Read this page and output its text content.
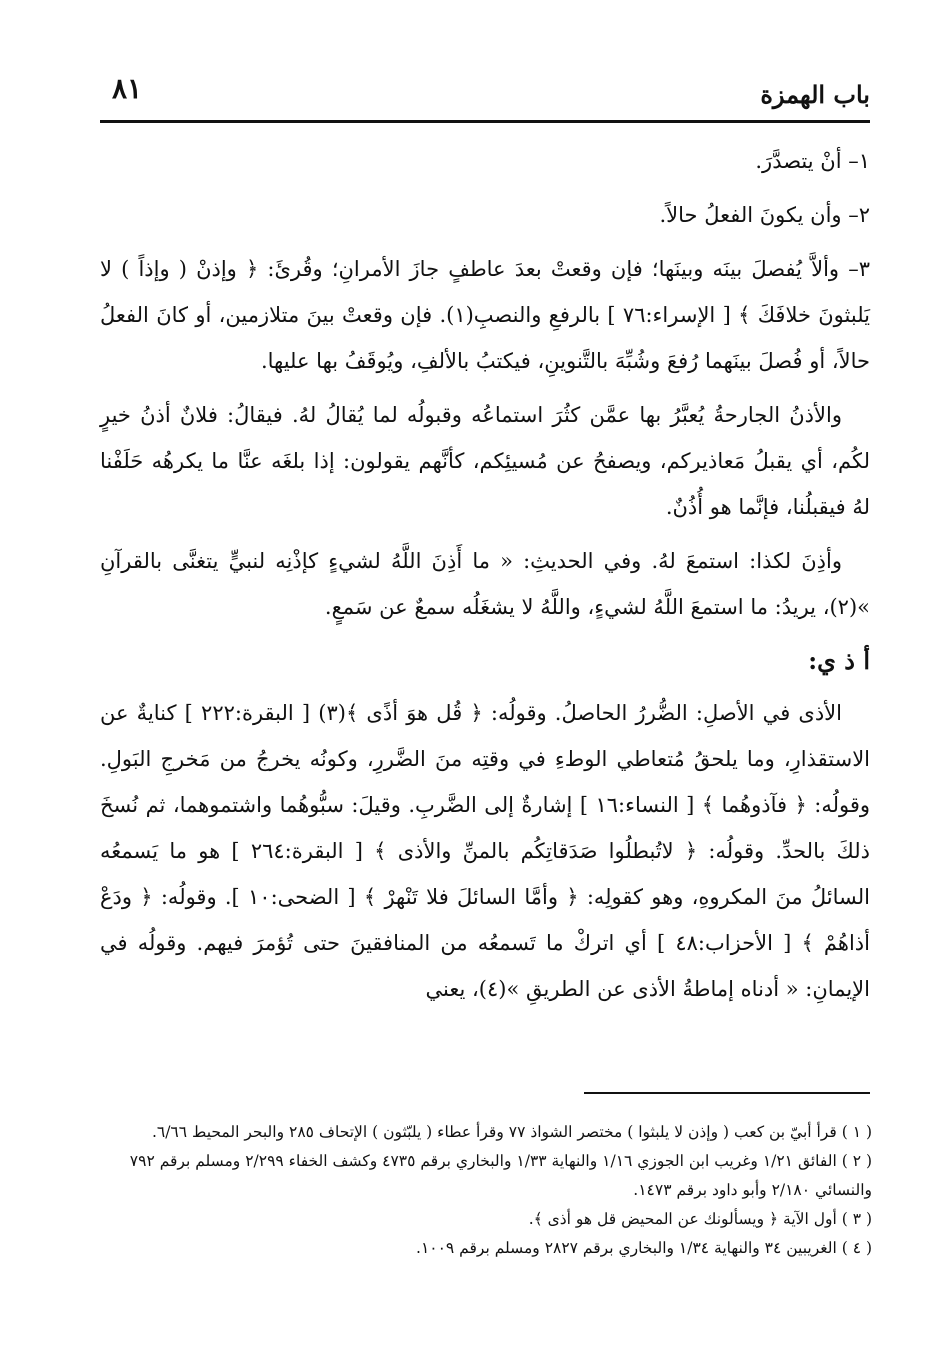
باب الهمزة
٨١
١– أنْ يتصدَّرَ.
٢– وأن يكونَ الفعلُ حالاً.
٣– وألاَّ يُفصلَ بينَه وبينَها؛ فإن وقعتْ بعدَ عاطفٍ جازَ الأمرانِ؛ وقُرئَ: ﴿ وإذنْ ( وإذاً ) لا يَلبثونَ خلافَكَ ﴾ [ الإسراء:٧٦ ] بالرفعِ والنصبِ(١). فإن وقعتْ بينَ متلازمين، أو كانَ الفعلُ حالاً، أو فُصلَ بينَهما رُفعَ وشُبِّهَ بالتَّنوينِ، فيكتبُ بالألفِ، ويُوقَفُ بها عليها.

والأذنُ الجارحةُ يُعبَّرُ بها عمَّن كثُرَ استماعُه وقبولُه لما يُقالُ لهُ. فيقالُ: فلانٌ أذنُ خيرٍ لكُم، أي يقبلُ مَعاذيركم، ويصفحُ عن مُسيئِكم، كأنَّهم يقولون: إذا بلغَه عنَّا ما يكرهُه حَلَفْنا لهُ فيقبلُنا، فإنَّما هو أُذُنٌ.

وأذِنَ لكذا: استمعَ لهُ. وفي الحديثِ: « ما أَذِنَ اللَّهُ لشيءٍ كإذْنِه لنبيٍّ يتغنَّى بالقرآنِ »(٢)، يريدُ: ما استمعَ اللَّهُ لشيءٍ، واللَّهُ لا يشغَلُه سمعٌ عن سَمعٍ.

أ ذ ي:

الأذى في الأصلِ: الضُّررُ الحاصلُ. وقولُه: ﴿ قُل هوَ أذًى ﴾(٣) [ البقرة:٢٢٢ ] كنايةٌ عن الاستقذارِ، وما يلحقُ مُتعاطي الوطءِ في وقتِه منَ الضَّررِ، وكونُه يخرجُ من مَخرجِ البَولِ. وقولُه: ﴿ فآذوهُما ﴾ [ النساء:١٦ ] إشارةٌ إلى الضَّربِ. وقيلَ: سبُّوهُما واشتموهما، ثم نُسخَ ذلكَ بالحدِّ. وقولُه: ﴿ لاتُبطلُوا صَدَقاتِكُم بالمنِّ والأذى ﴾ [ البقرة:٢٦٤ ] هو ما يَسمعُه السائلُ منَ المكروهِ، وهو كقولِه: ﴿ وأمَّا السائلَ فلا تَنْهرْ ﴾ [ الضحى:١٠ ]. وقولُه: ﴿ ودَعْ أذاهُمْ ﴾ [ الأحزاب:٤٨ ] أي اتركْ ما تَسمعُه من المنافقينَ حتى تُؤمرَ فيهم. وقولُه في الإيمانِ: « أدناه إماطةُ الأذى عن الطريقِ »(٤)، يعني

( ١ ) قرأ أبيّ بن كعب ( وإذن لا يلبثوا ) مختصر الشواذ ٧٧ وقرأ عطاء ( يلبّثون ) الإتحاف ٢٨٥ والبحر المحيط ٦/٦٦.

( ٢ ) الفائق ١/٢١ وغريب ابن الجوزي ١/١٦ والنهاية ١/٣٣ والبخاري برقم ٤٧٣٥ وكشف الخفاء ٢/٢٩٩ ومسلم برقم ٧٩٢ والنسائي ٢/١٨٠ وأبو داود برقم ١٤٧٣.

( ٣ ) أول الآية ﴿ ويسألونك عن المحيض قل هو أذى ﴾.

( ٤ ) الغريبين ٣٤ والنهاية ١/٣٤ والبخاري برقم ٢٨٢٧ ومسلم برقم ١٠٠٩.
